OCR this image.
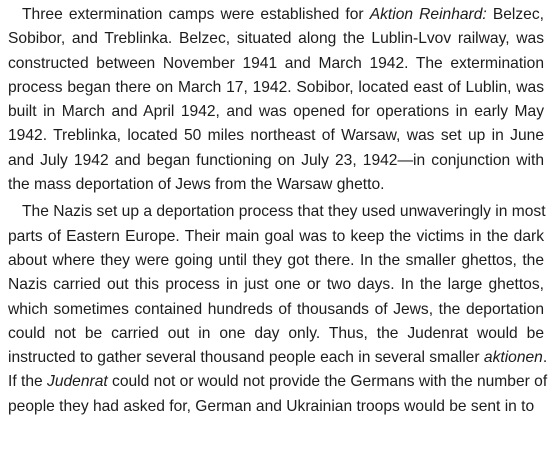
Three extermination camps were established for Aktion Reinhard: Belzec,
Sobibor, and Treblinka. Belzec, situated along the Lublin-Lvov railway, was
constructed between November 1941 and March 1942. The extermination
process began there on March 17, 1942. Sobibor, located east of Lublin, was
built in March and April 1942, and was opened for operations in early May
1942. Treblinka, located 50 miles northeast of Warsaw, was set up in June
and July 1942 and began functioning on July 23, 1942—in conjunction with
the mass deportation of Jews from the Warsaw ghetto.
The Nazis set up a deportation process that they used unwaveringly in most
parts of Eastern Europe. Their main goal was to keep the victims in the dark
about where they were going until they got there. In the smaller ghettos, the
Nazis carried out this process in just one or two days. In the large ghettos,
which sometimes contained hundreds of thousands of Jews, the deportation
could not be carried out in one day only. Thus, the Judenrat would be
instructed to gather several thousand people each in several smaller aktionen.
If the Judenrat could not or would not provide the Germans with the number of
people they had asked for, German and Ukrainian troops would be sent in to
